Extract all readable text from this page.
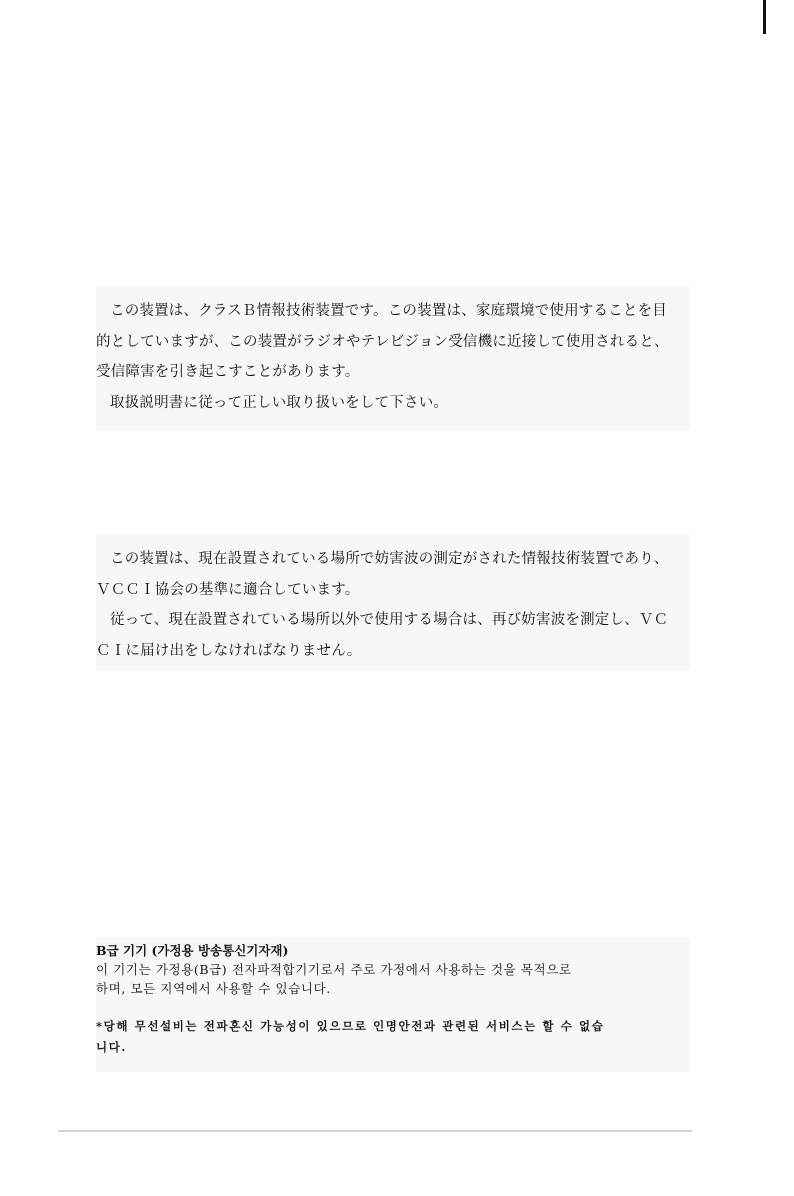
この装置は、クラスＢ情報技術装置です。この装置は、家庭環境で使用することを目
的としていますが、この装置がラジオやテレビジョン受信機に近接して使用されると、
受信障害を引き起こすことがあります。
取扱説明書に従って正しい取り扱いをして下さい。
この装置は、現在設置されている場所で妨害波の測定がされた情報技術装置であり、
ＶＣＣＩ協会の基準に適合しています。
従って、現在設置されている場所以外で使用する場合は、再び妨害波を測定し、ＶＣ
ＣＩに届け出をしなければなりません。
B급 기기 (가정용 방송통신기자재)
이 기기는 가정용(B급) 전자파적합기기로서 주로 가정에서 사용하는 것을 목적으로
하며, 모든 지역에서 사용할 수 있습니다.
*당해 무선설비는 전파혼신 가능성이 있으므로 인명안전과 관련된 서비스는 할 수 없습
니다.
